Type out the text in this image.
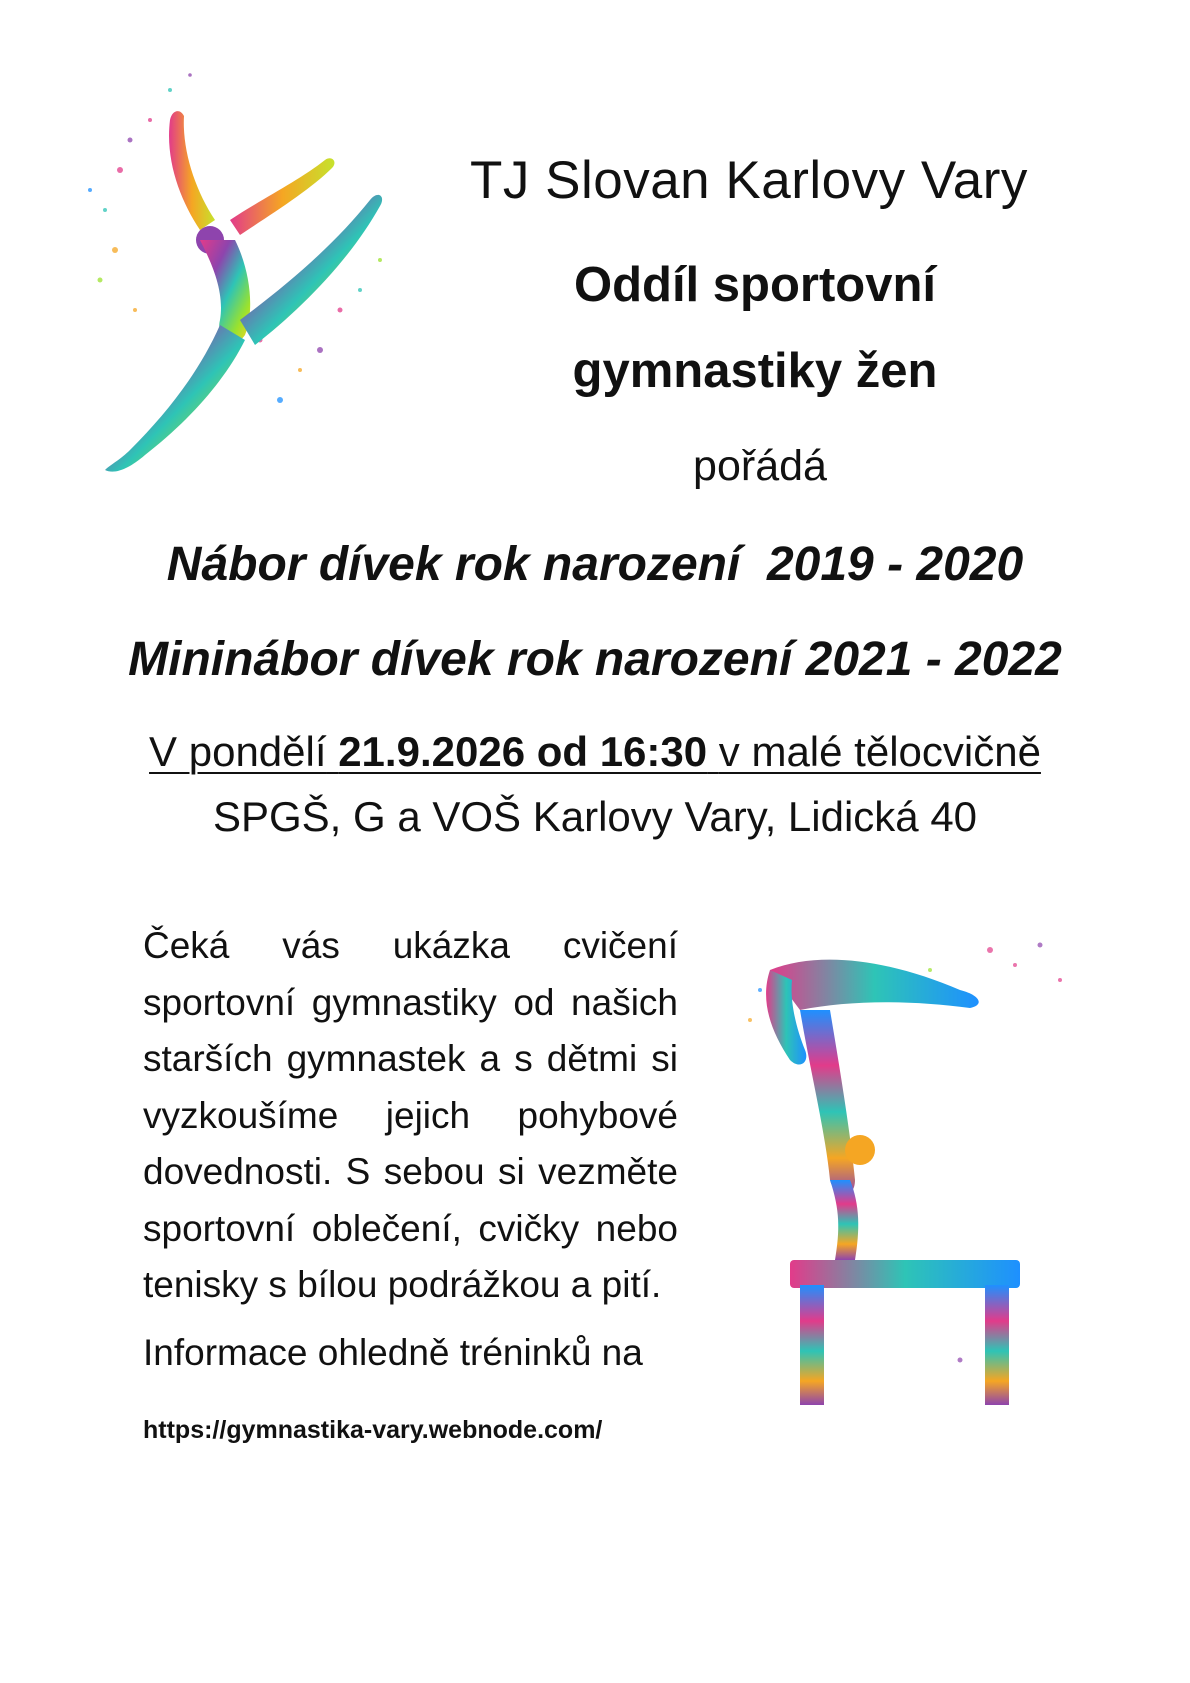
TJ Slovan Karlovy Vary
Oddíl sportovní
gymnastiky žen
pořádá
Nábor dívek rok narození  2019 - 2020
Mininábor dívek rok narození 2021 - 2022
V pondělí 21.9.2026 od 16:30 v malé tělocvičně
SPGŠ, G a VOŠ Karlovy Vary, Lidická 40
Čeká vás ukázka cvičení sportovní gymnastiky od našich starších gymnastek a s dětmi si vyzkoušíme jejich pohybové dovednosti. S sebou si vezměte sportovní oblečení, cvičky nebo tenisky s bílou podrážkou a pití.
Informace ohledně tréninků na
https://gymnastika-vary.webnode.com/
